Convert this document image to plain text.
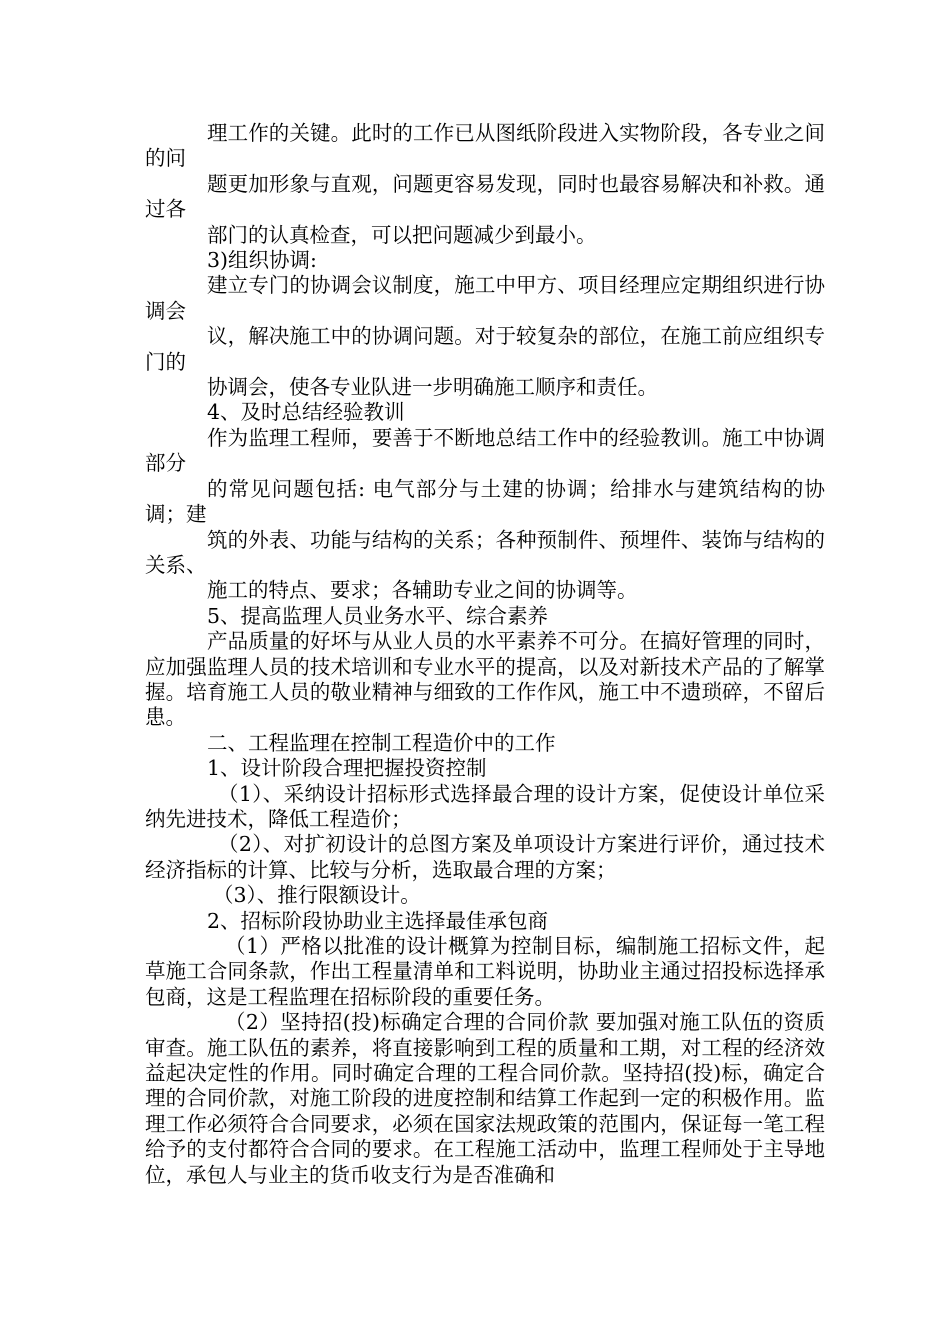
理工作的关键。此时的工作已从图纸阶段进入实物阶段，各专业之间的问

题更加形象与直观，问题更容易发现，同时也最容易解决和补救。通过各

部门的认真检查，可以把问题减少到最小。

3)组织协调:

建立专门的协调会议制度，施工中甲方、项目经理应定期组织进行协调会

议，解决施工中的协调问题。对于较复杂的部位，在施工前应组织专门的

协调会，使各专业队进一步明确施工顺序和责任。

4、及时总结经验教训

作为监理工程师，要善于不断地总结工作中的经验教训。施工中协调部分

的常见问题包括: 电气部分与土建的协调；给排水与建筑结构的协调；建

筑的外表、功能与结构的关系；各种预制件、预埋件、装饰与结构的关系、

施工的特点、要求；各辅助专业之间的协调等。

5、提高监理人员业务水平、综合素养

产品质量的好坏与从业人员的水平素养不可分。在搞好管理的同时，应加强监理人员的技术培训和专业水平的提高，以及对新技术产品的了解掌握。培育施工人员的敬业精神与细致的工作作风，施工中不遗琐碎，不留后患。

二、工程监理在控制工程造价中的工作

1、设计阶段合理把握投资控制

（1）、采纳设计招标形式选择最合理的设计方案，促使设计单位采纳先进技术，降低工程造价；

（2）、对扩初设计的总图方案及单项设计方案进行评价，通过技术经济指标的计算、比较与分析，选取最合理的方案；

（3）、推行限额设计。

2、招标阶段协助业主选择最佳承包商

（1）严格以批准的设计概算为控制目标，编制施工招标文件，起草施工合同条款，作出工程量清单和工料说明，协助业主通过招投标选择承包商，这是工程监理在招标阶段的重要任务。

（2）坚持招(投)标确定合理的合同价款 要加强对施工队伍的资质审查。施工队伍的素养，将直接影响到工程的质量和工期，对工程的经济效益起决定性的作用。同时确定合理的工程合同价款。坚持招(投)标，确定合理的合同价款，对施工阶段的进度控制和结算工作起到一定的积极作用。监理工作必须符合合同要求，必须在国家法规政策的范围内，保证每一笔工程给予的支付都符合合同的要求。在工程施工活动中，监理工程师处于主导地位，承包人与业主的货币收支行为是否准确和
